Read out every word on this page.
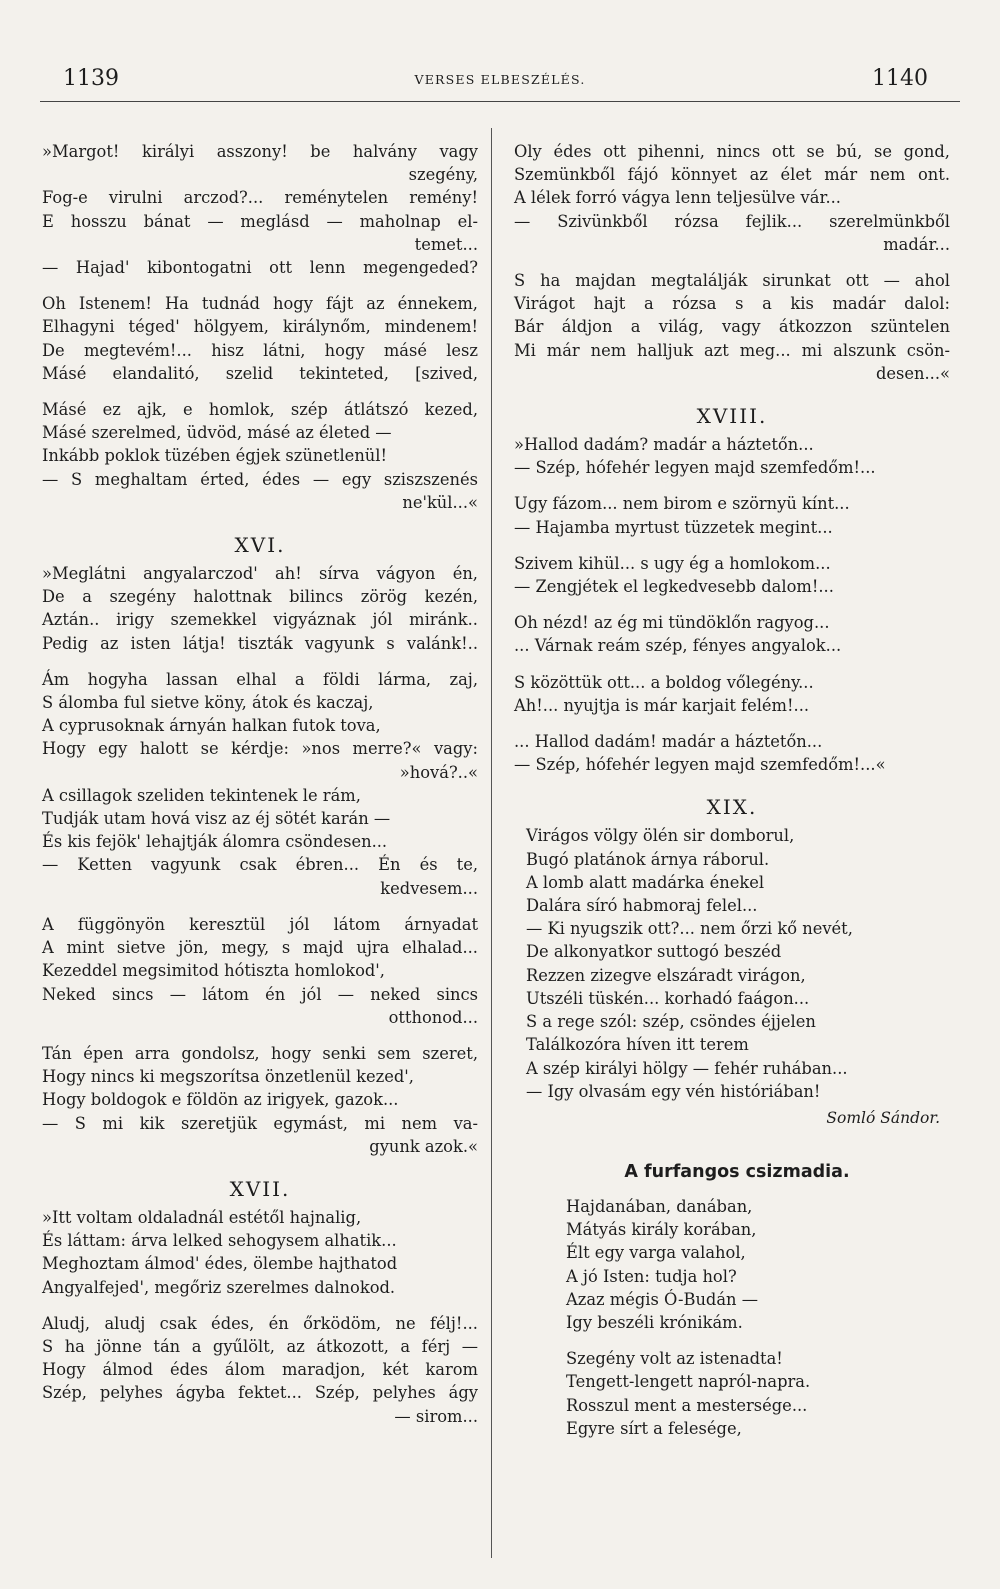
1139	VERSES ELBESZÉLÉS.	1140
»Margot! királyi asszony! be halvány vagy
szegény,
Fog-e virulni arczod?... reménytelen remény!
E hosszu bánat — meglásd — maholnap el-
temet...
— Hajad' kibontogatni ott lenn megengeded?
Oh Istenem! Ha tudnád hogy fájt az énnekem,
Elhagyni téged' hölgyem, királynőm, mindenem!
De megtevém!... hisz látni, hogy másé lesz
Másé elandalitó, szelid tekinteted, [szived,
Másé ez ajk, e homlok, szép átlátszó kezed,
Másé szerelmed, üdvöd, másé az életed —
Inkább poklok tüzében égjek szünetlenül!
— S meghaltam érted, édes — egy sziszszenés
ne'kül...«
XVI.
»Meglátni angyalarczod' ah! sírva vágyon én,
De a szegény halottnak bilincs zörög kezén,
Aztán.. irigy szemekkel vigyáznak jól miránk..
Pedig az isten látja! tiszták vagyunk s valánk!..
Ám hogyha lassan elhal a földi lárma, zaj,
S álomba ful sietve köny, átok és kaczaj,
A cyprusoknak árnyán halkan futok tova,
Hogy egy halott se kérdje: »nos merre?« vagy:
»hová?..«
A csillagok szeliden tekintenek le rám,
Tudják utam hová visz az éj sötét karán —
És kis fejök' lehajtják álomra csöndesen...
— Ketten vagyunk csak ébren... Én és te,
kedvesem...
A függönyön keresztül jól látom árnyadat
A mint sietve jön, megy, s majd ujra elhalad...
Kezeddel megsimitod hótiszta homlokod',
Neked sincs — látom én jól — neked sincs
otthonod...
Tán épen arra gondolsz, hogy senki sem szeret,
Hogy nincs ki megszorítsa önzetlenül kezed',
Hogy boldogok e földön az irigyek, gazok...
— S mi kik szeretjük egymást, mi nem va-
gyunk azok.«
XVII.
»Itt voltam oldaladnál estétől hajnalig,
És láttam: árva lelked sehogysem alhatik...
Meghoztam álmod' édes, ölembe hajthatod
Angyalfejed', megőriz szerelmes dalnokod.
Aludj, aludj csak édes, én őrködöm, ne félj!...
S ha jönne tán a gyűlölt, az átkozott, a férj —
Hogy álmod édes álom maradjon, két karom
Szép, pelyhes ágyba fektet... Szép, pelyhes ágy
— sirom...
Oly édes ott pihenni, nincs ott se bú, se gond,
Szemünkből fájó könnyet az élet már nem ont.
A lélek forró vágya lenn teljesülve vár...
— Szivünkből rózsa fejlik... szerelmünkből
madár...
S ha majdan megtalálják sirunkat ott — ahol
Virágot hajt a rózsa s a kis madár dalol:
Bár áldjon a világ, vagy átkozzon szüntelen
Mi már nem halljuk azt meg... mi alszunk csön-
desen...«
XVIII.
»Hallod dadám? madár a háztetőn...
— Szép, hófehér legyen majd szemfedőm!...
Ugy fázom... nem birom e szörnyü kínt...
— Hajamba myrtust tüzzetek megint...
Szivem kihül... s ugy ég a homlokom...
— Zengjétek el legkedvesebb dalom!...
Oh nézd! az ég mi tündöklőn ragyog...
... Várnak reám szép, fényes angyalok...
S közöttük ott... a boldog vőlegény...
Ah!... nyujtja is már karjait felém!...
... Hallod dadám! madár a háztetőn...
— Szép, hófehér legyen majd szemfedőm!...«
XIX.
Virágos völgy ölén sir domborul,
Bugó platánok árnya ráborul.
A lomb alatt madárka énekel
Dalára síró habmoraj felel...
— Ki nyugszik ott?... nem őrzi kő nevét,
De alkonyatkor suttogó beszéd
Rezzen zizegve elszáradt virágon,
Utszéli tüskén... korhadó faágon...
S a rege szól: szép, csöndes éjjelen
Találkozóra híven itt terem
A szép királyi hölgy — fehér ruhában...
— Igy olvasám egy vén históriában!
Somló Sándor.
A furfangos csizmadia.
Hajdanában, danában,
Mátyás király korában,
Élt egy varga valahol,
A jó Isten: tudja hol?
Azaz mégis Ó-Budán —
Igy beszéli krónikám.
Szegény volt az istenadta!
Tengett-lengett napról-napra.
Rosszul ment a mestersége...
Egyre sírt a felesége,
